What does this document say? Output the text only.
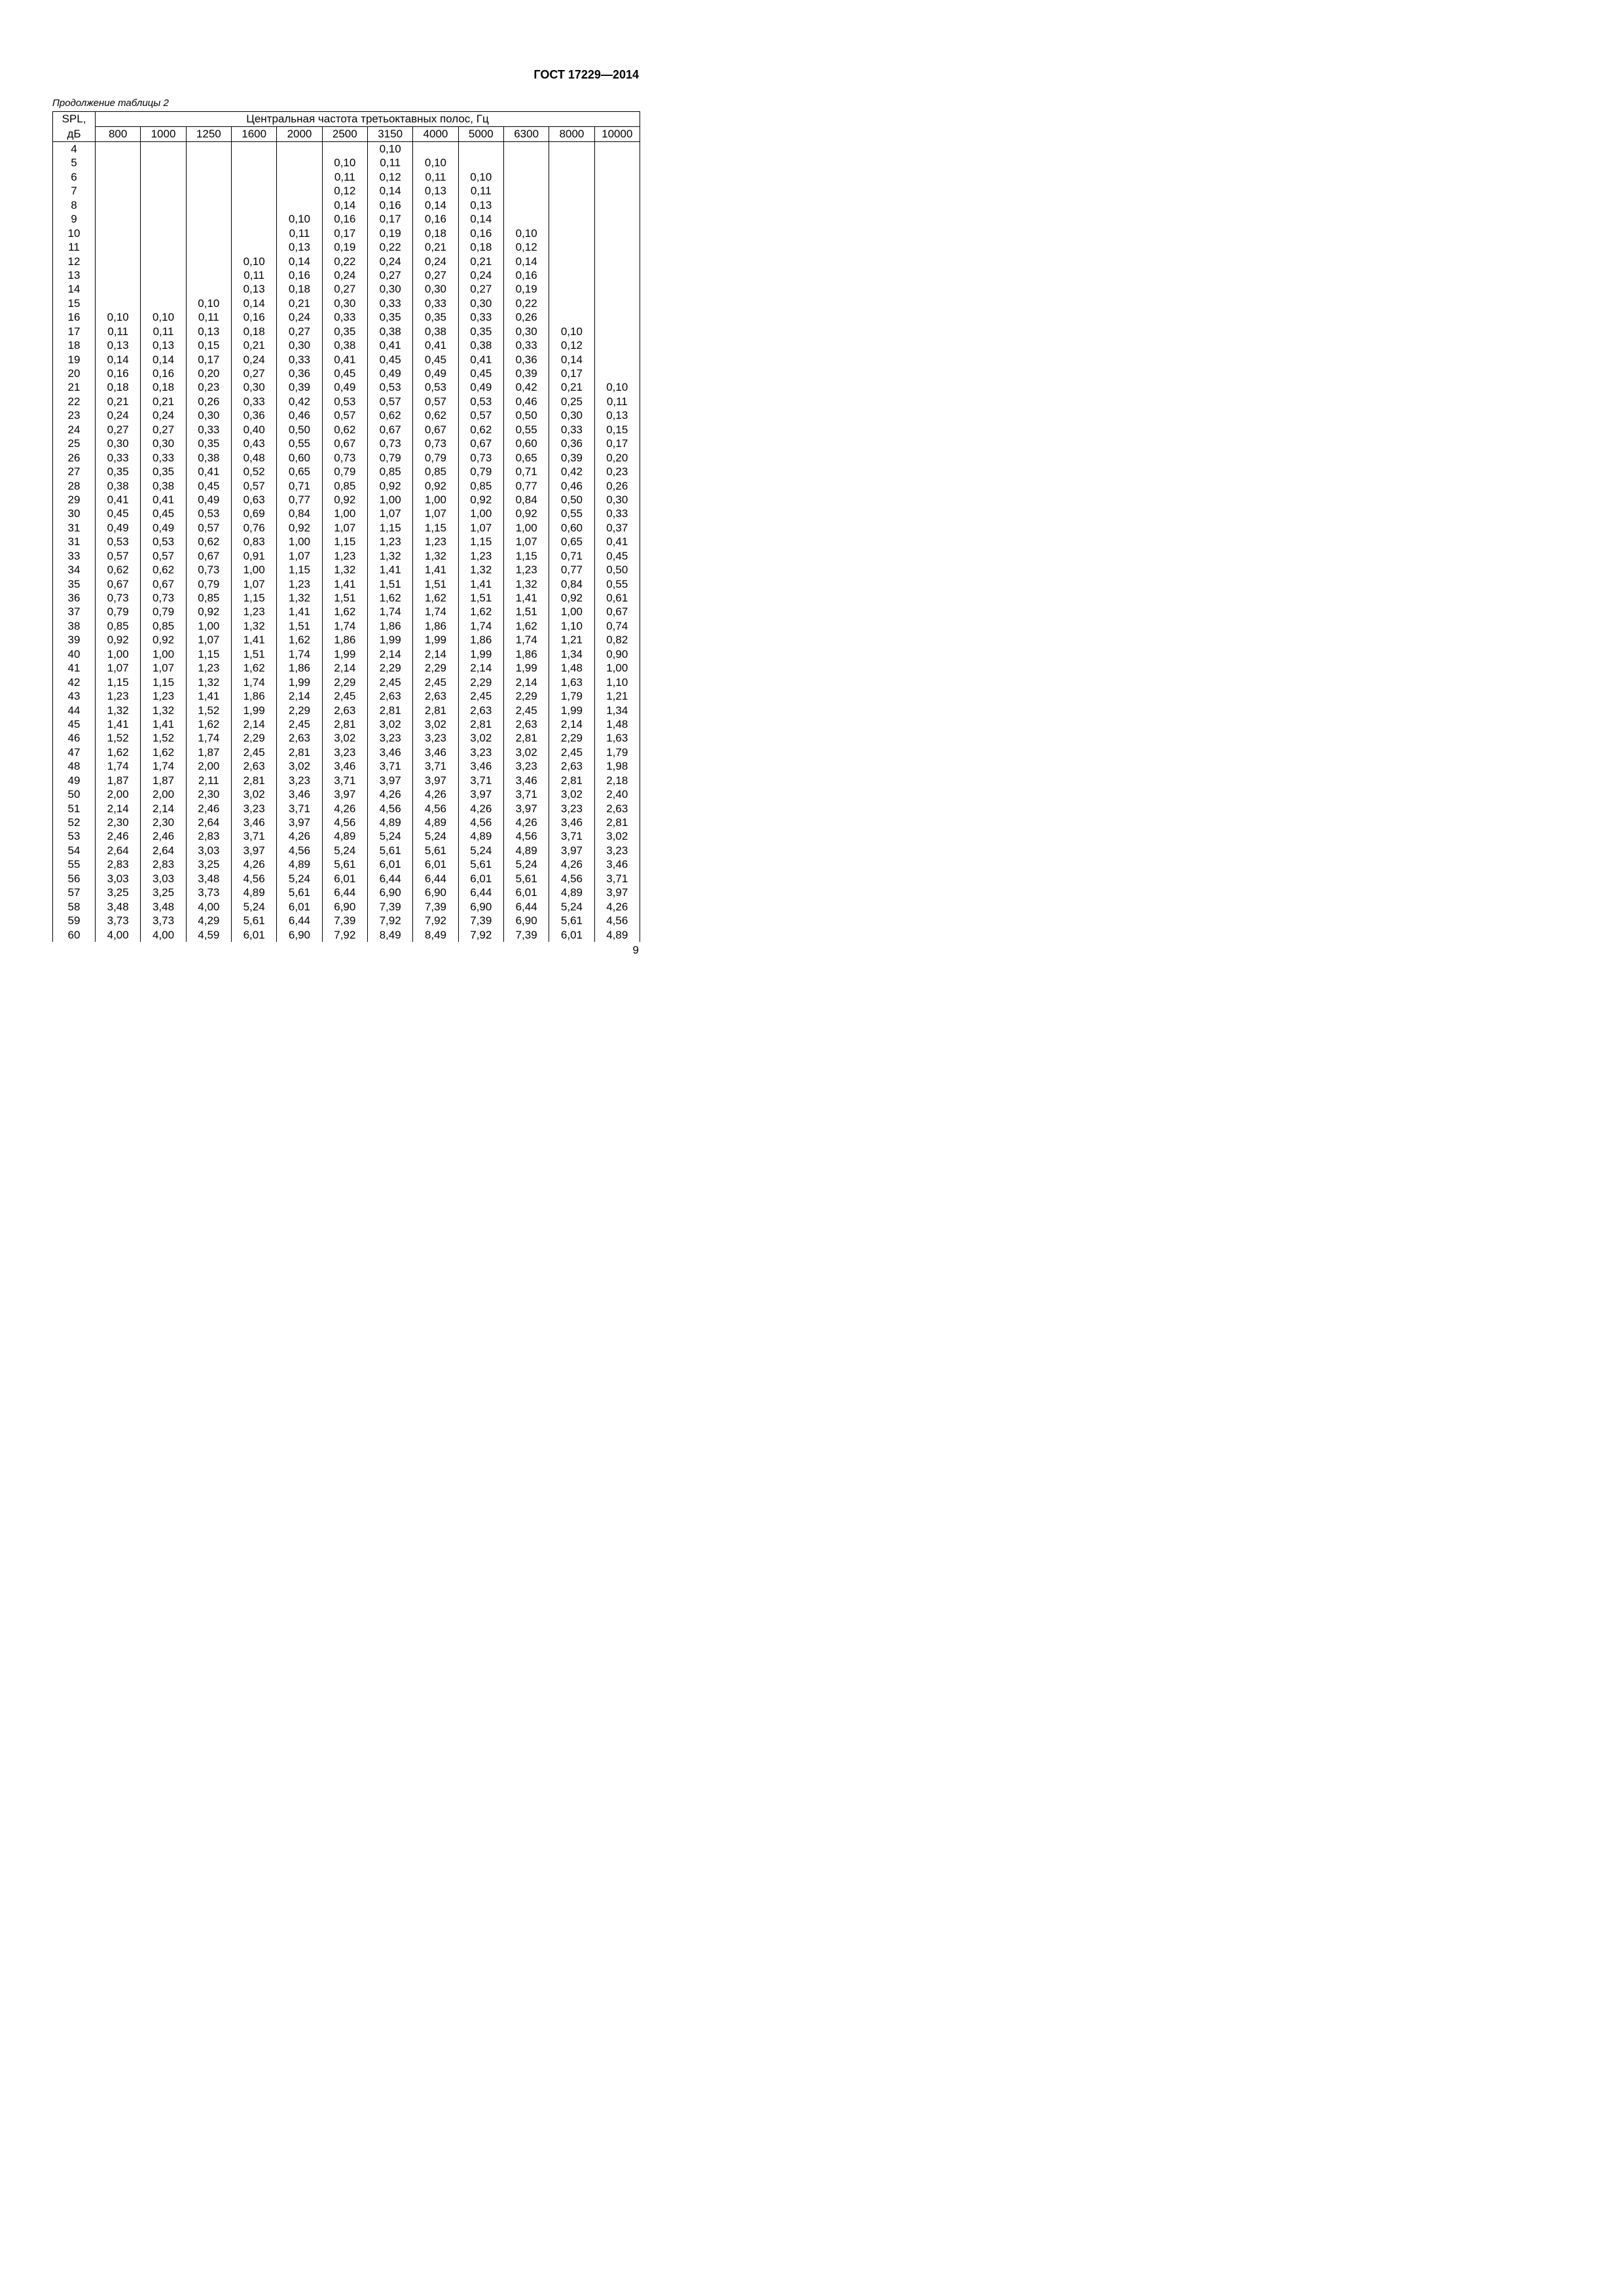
ГОСТ 17229—2014
Продолжение таблицы 2
SPL,	Центральная частота третьоктавных полос, Гц											
дБ	800	1000	1250	1600	2000	2500	3150	4000	5000	6300	8000	10000
4							0,10					
5						0,10	0,11	0,10				
6						0,11	0,12	0,11	0,10			
7						0,12	0,14	0,13	0,11			
8						0,14	0,16	0,14	0,13			
9					0,10	0,16	0,17	0,16	0,14			
10					0,11	0,17	0,19	0,18	0,16	0,10		
11					0,13	0,19	0,22	0,21	0,18	0,12		
12				0,10	0,14	0,22	0,24	0,24	0,21	0,14		
13				0,11	0,16	0,24	0,27	0,27	0,24	0,16		
14				0,13	0,18	0,27	0,30	0,30	0,27	0,19		
15			0,10	0,14	0,21	0,30	0,33	0,33	0,30	0,22		
16	0,10	0,10	0,11	0,16	0,24	0,33	0,35	0,35	0,33	0,26		
17	0,11	0,11	0,13	0,18	0,27	0,35	0,38	0,38	0,35	0,30	0,10	
18	0,13	0,13	0,15	0,21	0,30	0,38	0,41	0,41	0,38	0,33	0,12	
19	0,14	0,14	0,17	0,24	0,33	0,41	0,45	0,45	0,41	0,36	0,14	
20	0,16	0,16	0,20	0,27	0,36	0,45	0,49	0,49	0,45	0,39	0,17	
21	0,18	0,18	0,23	0,30	0,39	0,49	0,53	0,53	0,49	0,42	0,21	0,10
22	0,21	0,21	0,26	0,33	0,42	0,53	0,57	0,57	0,53	0,46	0,25	0,11
23	0,24	0,24	0,30	0,36	0,46	0,57	0,62	0,62	0,57	0,50	0,30	0,13
24	0,27	0,27	0,33	0,40	0,50	0,62	0,67	0,67	0,62	0,55	0,33	0,15
25	0,30	0,30	0,35	0,43	0,55	0,67	0,73	0,73	0,67	0,60	0,36	0,17
26	0,33	0,33	0,38	0,48	0,60	0,73	0,79	0,79	0,73	0,65	0,39	0,20
27	0,35	0,35	0,41	0,52	0,65	0,79	0,85	0,85	0,79	0,71	0,42	0,23
28	0,38	0,38	0,45	0,57	0,71	0,85	0,92	0,92	0,85	0,77	0,46	0,26
29	0,41	0,41	0,49	0,63	0,77	0,92	1,00	1,00	0,92	0,84	0,50	0,30
30	0,45	0,45	0,53	0,69	0,84	1,00	1,07	1,07	1,00	0,92	0,55	0,33
31	0,49	0,49	0,57	0,76	0,92	1,07	1,15	1,15	1,07	1,00	0,60	0,37
31	0,53	0,53	0,62	0,83	1,00	1,15	1,23	1,23	1,15	1,07	0,65	0,41
33	0,57	0,57	0,67	0,91	1,07	1,23	1,32	1,32	1,23	1,15	0,71	0,45
34	0,62	0,62	0,73	1,00	1,15	1,32	1,41	1,41	1,32	1,23	0,77	0,50
35	0,67	0,67	0,79	1,07	1,23	1,41	1,51	1,51	1,41	1,32	0,84	0,55
36	0,73	0,73	0,85	1,15	1,32	1,51	1,62	1,62	1,51	1,41	0,92	0,61
37	0,79	0,79	0,92	1,23	1,41	1,62	1,74	1,74	1,62	1,51	1,00	0,67
38	0,85	0,85	1,00	1,32	1,51	1,74	1,86	1,86	1,74	1,62	1,10	0,74
39	0,92	0,92	1,07	1,41	1,62	1,86	1,99	1,99	1,86	1,74	1,21	0,82
40	1,00	1,00	1,15	1,51	1,74	1,99	2,14	2,14	1,99	1,86	1,34	0,90
41	1,07	1,07	1,23	1,62	1,86	2,14	2,29	2,29	2,14	1,99	1,48	1,00
42	1,15	1,15	1,32	1,74	1,99	2,29	2,45	2,45	2,29	2,14	1,63	1,10
43	1,23	1,23	1,41	1,86	2,14	2,45	2,63	2,63	2,45	2,29	1,79	1,21
44	1,32	1,32	1,52	1,99	2,29	2,63	2,81	2,81	2,63	2,45	1,99	1,34
45	1,41	1,41	1,62	2,14	2,45	2,81	3,02	3,02	2,81	2,63	2,14	1,48
46	1,52	1,52	1,74	2,29	2,63	3,02	3,23	3,23	3,02	2,81	2,29	1,63
47	1,62	1,62	1,87	2,45	2,81	3,23	3,46	3,46	3,23	3,02	2,45	1,79
48	1,74	1,74	2,00	2,63	3,02	3,46	3,71	3,71	3,46	3,23	2,63	1,98
49	1,87	1,87	2,11	2,81	3,23	3,71	3,97	3,97	3,71	3,46	2,81	2,18
50	2,00	2,00	2,30	3,02	3,46	3,97	4,26	4,26	3,97	3,71	3,02	2,40
51	2,14	2,14	2,46	3,23	3,71	4,26	4,56	4,56	4,26	3,97	3,23	2,63
52	2,30	2,30	2,64	3,46	3,97	4,56	4,89	4,89	4,56	4,26	3,46	2,81
53	2,46	2,46	2,83	3,71	4,26	4,89	5,24	5,24	4,89	4,56	3,71	3,02
54	2,64	2,64	3,03	3,97	4,56	5,24	5,61	5,61	5,24	4,89	3,97	3,23
55	2,83	2,83	3,25	4,26	4,89	5,61	6,01	6,01	5,61	5,24	4,26	3,46
56	3,03	3,03	3,48	4,56	5,24	6,01	6,44	6,44	6,01	5,61	4,56	3,71
57	3,25	3,25	3,73	4,89	5,61	6,44	6,90	6,90	6,44	6,01	4,89	3,97
58	3,48	3,48	4,00	5,24	6,01	6,90	7,39	7,39	6,90	6,44	5,24	4,26
59	3,73	3,73	4,29	5,61	6,44	7,39	7,92	7,92	7,39	6,90	5,61	4,56
60	4,00	4,00	4,59	6,01	6,90	7,92	8,49	8,49	7,92	7,39	6,01	4,89
9
